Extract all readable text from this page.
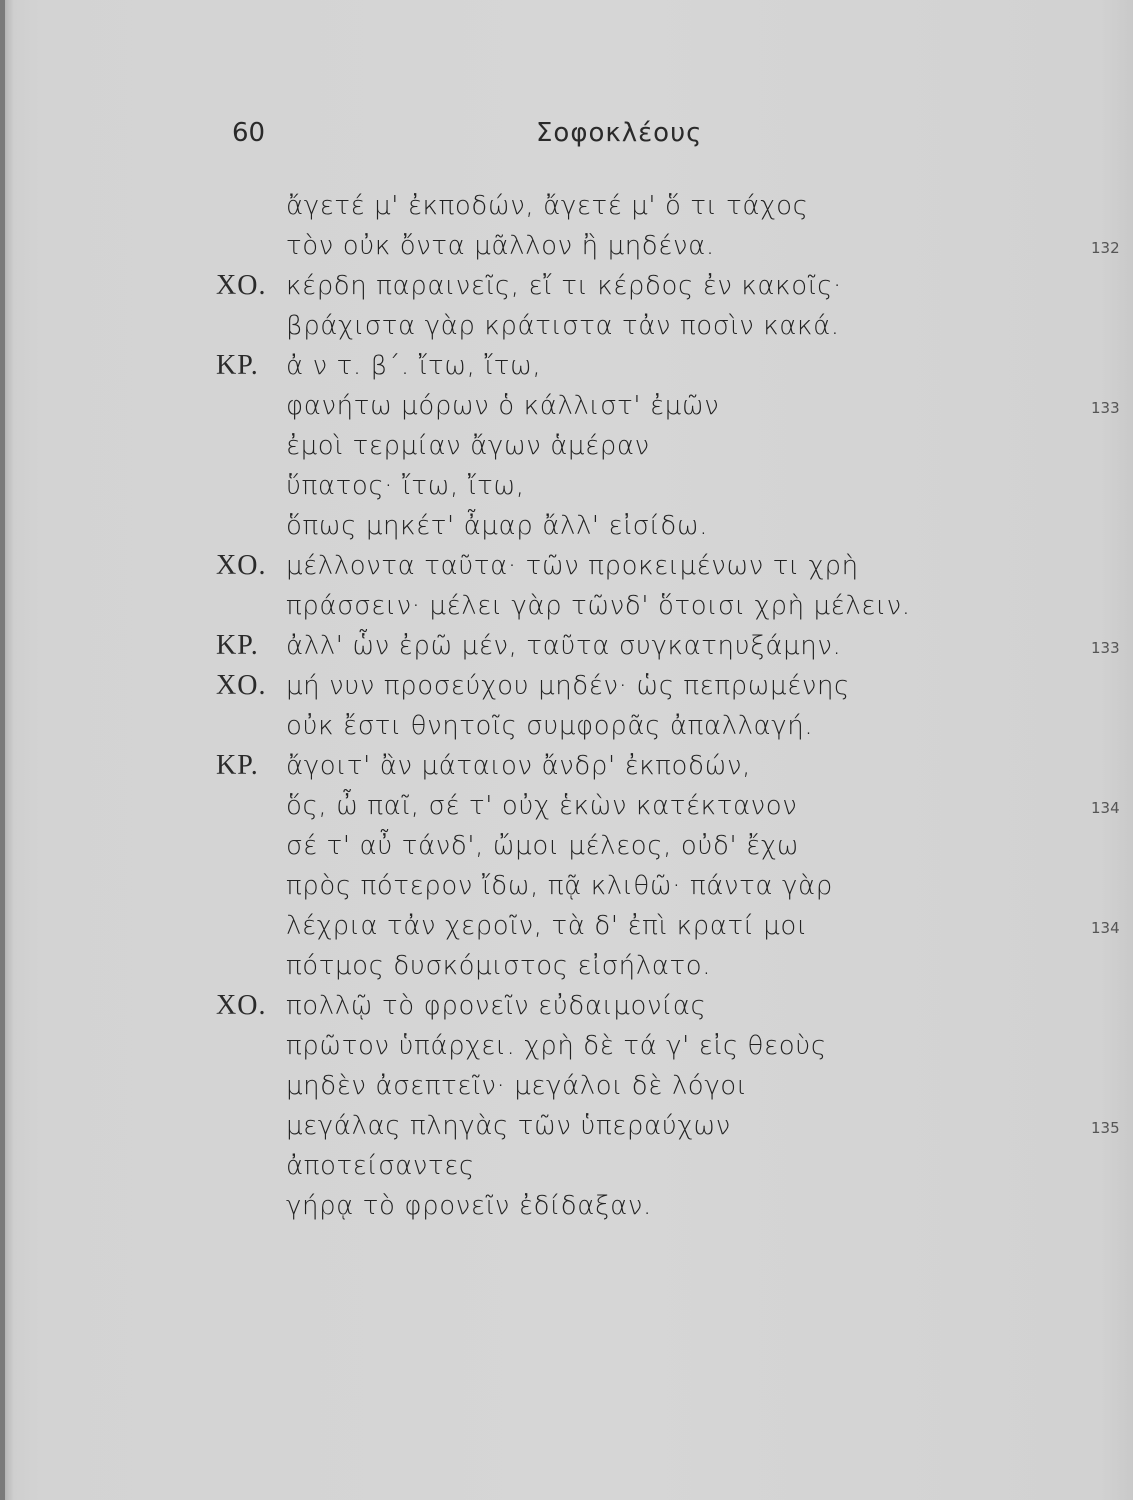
60	Σοφοκλέους
ἄγετέ μ' ἐκποδών, ἄγετέ μ' ὅ τι τάχος
τὸν οὐκ ὄντα μᾶλλον ἢ μηδένα.	132
ΧΟ. κέρδη παραινεῖς, εἴ τι κέρδος ἐν κακοῖς·
βράχιστα γὰρ κράτιστα τἀν ποσὶν κακά.
ΚΡ. ἀ ν τ. β΄. ἴτω, ἴτω,
φανήτω μόρων ὁ κάλλιστ' ἐμῶν	133
ἐμοὶ τερμίαν ἄγων ἁμέραν
ὕπατος· ἴτω, ἴτω,
ὅπως μηκέτ' ἆμαρ ἄλλ' εἰσίδω.
ΧΟ. μέλλοντα ταῦτα· τῶν προκειμένων τι χρὴ
πράσσειν· μέλει γὰρ τῶνδ' ὅτοισι χρὴ μέλειν.
ΚΡ. ἀλλ' ὧν ἐρῶ μέν, ταῦτα συγκατηυξάμην.	133
ΧΟ. μή νυν προσεύχου μηδέν· ὡς πεπρωμένης
οὐκ ἔστι θνητοῖς συμφορᾶς ἀπαλλαγή.
ΚΡ. ἄγοιτ' ἂν μάταιον ἄνδρ' ἐκποδών,
ὅς, ὦ παῖ, σέ τ' οὐχ ἑκὼν κατέκτανον	134
σέ τ' αὖ τάνδ', ὤμοι μέλεος, οὐδ' ἔχω
πρὸς πότερον ἴδω, πᾷ κλιθῶ· πάντα γὰρ
λέχρια τἀν χεροῖν, τὰ δ' ἐπὶ κρατί μοι	134
πότμος δυσκόμιστος εἰσήλατο.
ΧΟ. πολλῷ τὸ φρονεῖν εὐδαιμονίας
πρῶτον ὑπάρχει. χρὴ δὲ τά γ' εἰς θεοὺς
μηδὲν ἀσεπτεῖν· μεγάλοι δὲ λόγοι
μεγάλας πληγὰς τῶν ὑπεραύχων	135
ἀποτείσαντες
γήρᾳ τὸ φρονεῖν ἐδίδαξαν.
